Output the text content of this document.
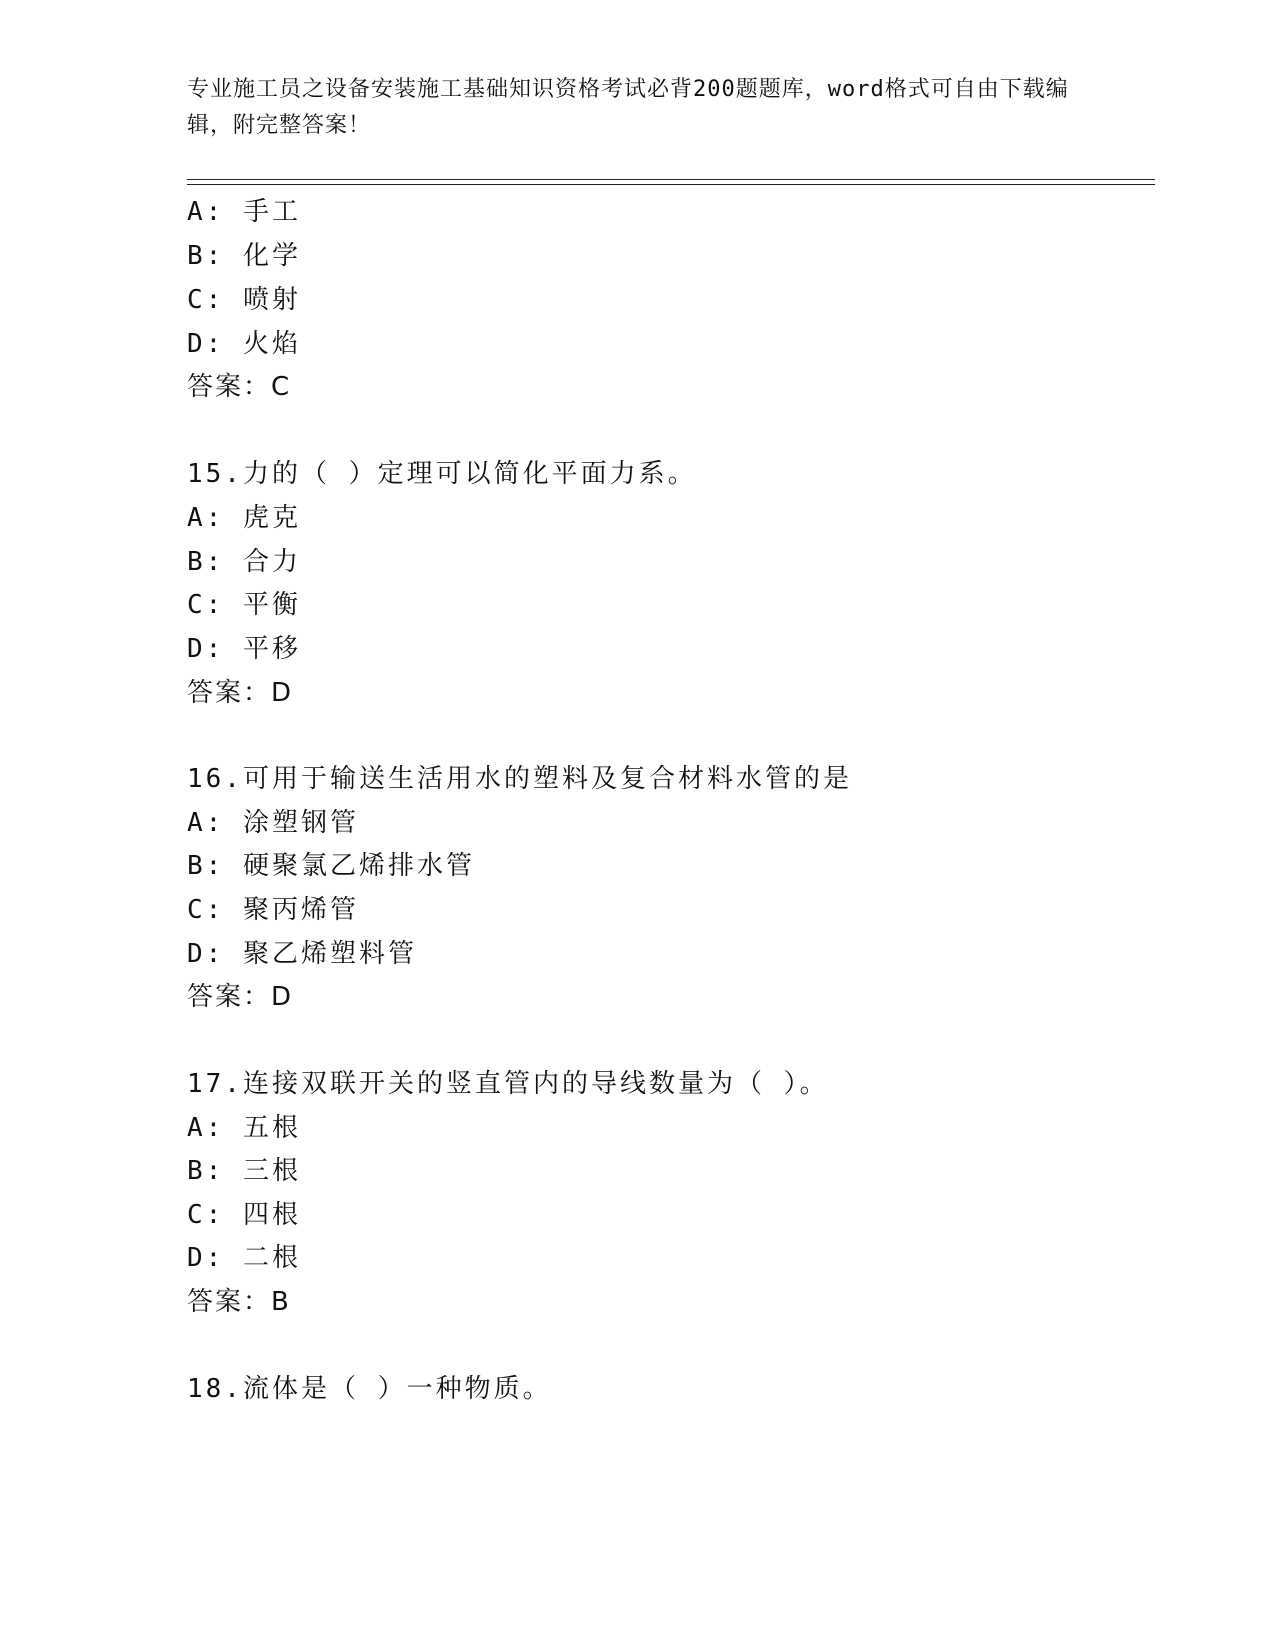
专业施工员之设备安装施工基础知识资格考试必背200题题库，word格式可自由下载编辑，附完整答案！
A: 手工
B: 化学
C: 喷射
D: 火焰
答案：C
15.力的（ ）定理可以简化平面力系。
A: 虎克
B: 合力
C: 平衡
D: 平移
答案：D
16.可用于输送生活用水的塑料及复合材料水管的是
A: 涂塑钢管
B: 硬聚氯乙烯排水管
C: 聚丙烯管
D: 聚乙烯塑料管
答案：D
17.连接双联开关的竖直管内的导线数量为（ ）。
A: 五根
B: 三根
C: 四根
D: 二根
答案：B
18.流体是（ ）一种物质。
